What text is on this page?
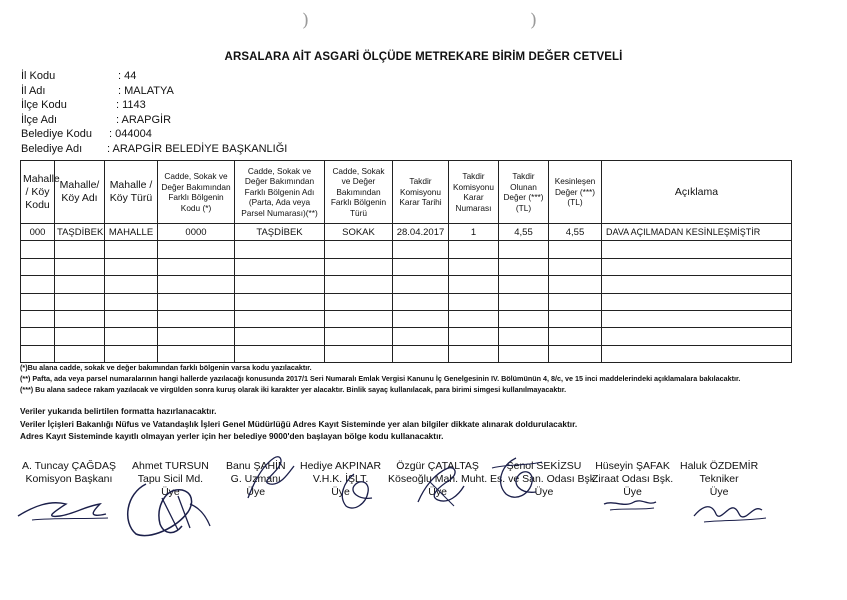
)	)
ARSALARA AİT ASGARİ ÖLÇÜDE METREKARE BİRİM DEĞER CETVELİ
İl Kodu	: 44
İl Adı	: MALATYA
İlçe Kodu	: 1143
İlçe Adı	: ARAPGİR
Belediye Kodu : 044004
Belediye Adı : ARAPGİR BELEDİYE BAŞKANLIĞI
Mahalle / Köy Kodu	Mahalle/ Köy Adı	Mahalle / Köy Türü	Cadde, Sokak ve Değer Bakımından Farklı Bölgenin Kodu (*)	Cadde, Sokak ve Değer Bakımından Farklı Bölgenin Adı (Parta, Ada veya Parsel Numarası)(**)	Cadde, Sokak ve Değer Bakımından Farklı Bölgenin Türü	Takdir Komisyonu Karar Tarihi	Takdir Komisyonu Karar Numarası	Takdir Olunan Değer (***) (TL)	Kesinleşen Değer (***) (TL)	Açıklama
000	TAŞDİBEK	MAHALLE	0000	TAŞDİBEK	SOKAK	28.04.2017	1	4,55	4,55	DAVA AÇILMADAN KESİNLEŞMİŞTİR

(*)Bu alana cadde, sokak ve değer bakımından farklı bölgenin varsa kodu yazılacaktır.
(**) Pafta, ada veya parsel numaralarının hangi hallerde yazılacağı konusunda 2017/1 Seri Numaralı Emlak Vergisi Kanunu İç Genelgesinin IV. Bölümünün 4, 8/c, ve 15 inci maddelerindeki açıklamalara bakılacaktır.
(***) Bu alana sadece rakam yazılacak ve virgülden sonra kuruş olarak iki karakter yer alacaktır. Binlik sayaç kullanılacak, para birimi simgesi kullanılmayacaktır.
Veriler yukarıda belirtilen formatta hazırlanacaktır.
Veriler İçişleri Bakanlığı Nüfus ve Vatandaşlık İşleri Genel Müdürlüğü Adres Kayıt Sisteminde yer alan bilgiler dikkate alınarak doldurulacaktır.
Adres Kayıt Sisteminde kayıtlı olmayan yerler için her belediye 9000'den başlayan bölge kodu kullanacaktır.
A. Tuncay ÇAĞDAŞ
Komisyon Başkanı
Ahmet TURSUN
Tapu Sicil Md.
Üye
Banu ŞAHİN
G. Uzmanı
Üye
Hediye AKPINAR
V.H.K. İŞLT.
Üye
Özgür ÇATALTAŞ
Köseoğlu Mah. Muht.
Üye
Şenol SEKİZSU
Es. ve San. Odası Bşk.
Üye
Hüseyin ŞAFAK
Ziraat Odası Bşk.
Üye
Haluk ÖZDEMİR
Tekniker
Üye
